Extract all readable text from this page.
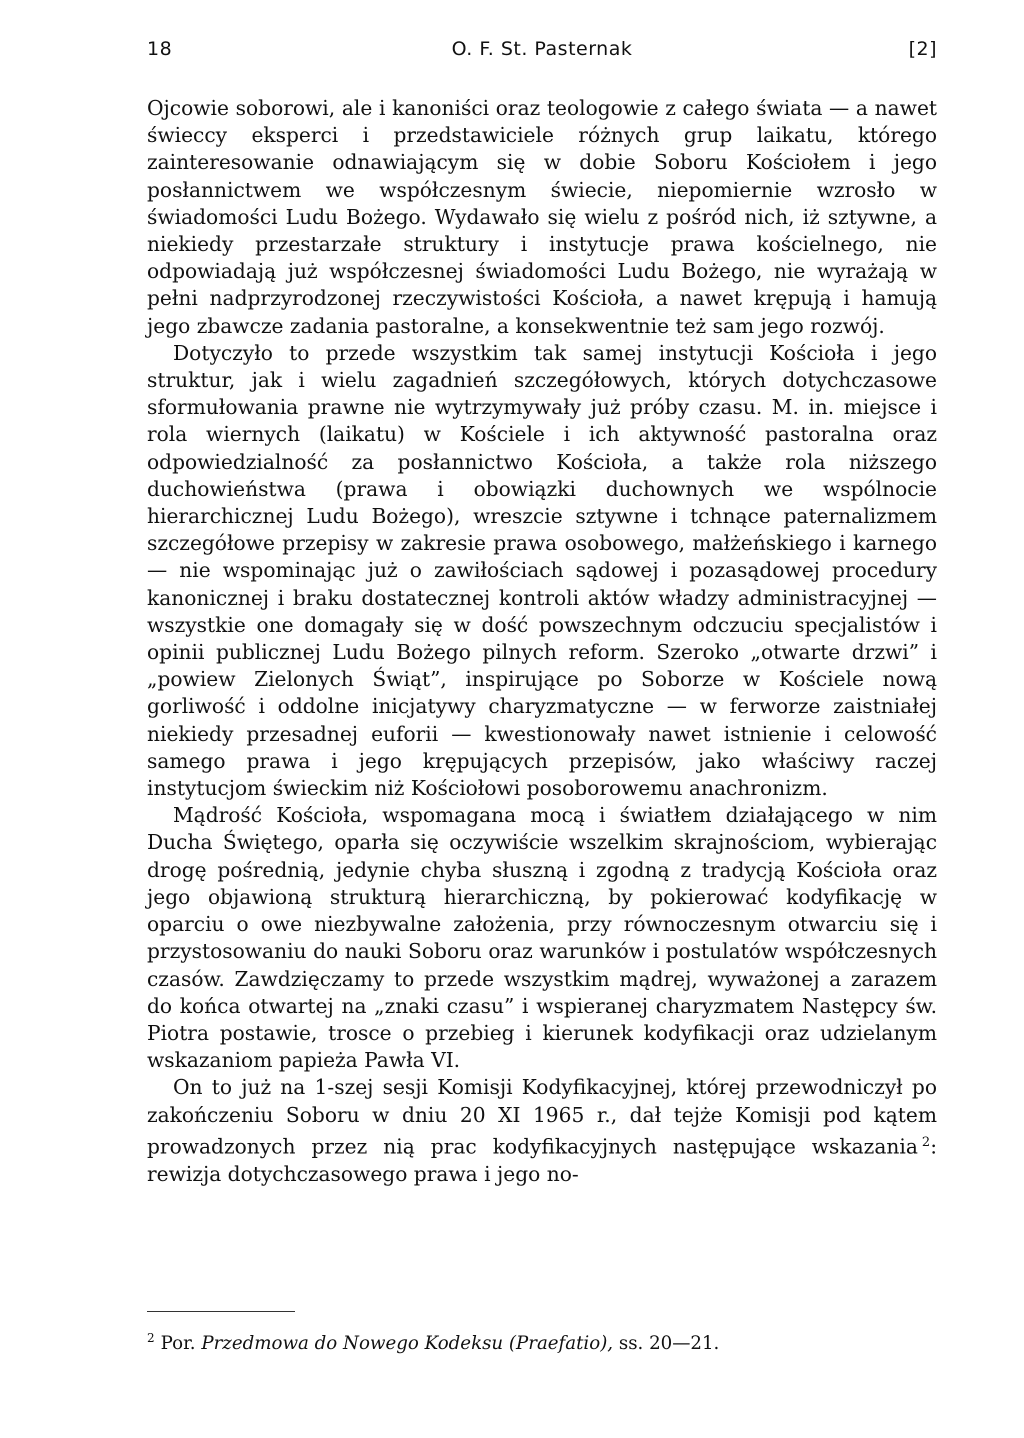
18	O. F. St. Pasternak	[2]

Ojcowie soborowi, ale i kanoniści oraz teologowie z całego świata — a nawet świeccy eksperci i przedstawiciele różnych grup laikatu, którego zainteresowanie odnawiającym się w dobie Soboru Kościołem i jego posłannictwem we współczesnym świecie, niepomiernie wzrosło w świadomości Ludu Bożego. Wydawało się wielu z pośród nich, iż sztywne, a niekiedy przestarzałe struktury i instytucje prawa kościelnego, nie odpowiadają już współczesnej świadomości Ludu Bożego, nie wyrażają w pełni nadprzyrodzonej rzeczywistości Kościoła, a nawet krępują i hamują jego zbawcze zadania pastoralne, a konsekwentnie też sam jego rozwój.

Dotyczyło to przede wszystkim tak samej instytucji Kościoła i jego struktur, jak i wielu zagadnień szczegółowych, których dotychczasowe sformułowania prawne nie wytrzymywały już próby czasu. M. in. miejsce i rola wiernych (laikatu) w Kościele i ich aktywność pastoralna oraz odpowiedzialność za posłannictwo Kościoła, a także rola niższego duchowieństwa (prawa i obowiązki duchownych we wspólnocie hierarchicznej Ludu Bożego), wreszcie sztywne i tchnące paternalizmem szczegółowe przepisy w zakresie prawa osobowego, małżeńskiego i karnego — nie wspominając już o zawiłościach sądowej i pozasądowej procedury kanonicznej i braku dostatecznej kontroli aktów władzy administracyjnej — wszystkie one domagały się w dość powszechnym odczuciu specjalistów i opinii publicznej Ludu Bożego pilnych reform. Szeroko „otwarte drzwi” i „powiew Zielonych Świąt”, inspirujące po Soborze w Kościele nową gorliwość i oddolne inicjatywy charyzmatyczne — w ferworze zaistniałej niekiedy przesadnej euforii — kwestionowały nawet istnienie i celowość samego prawa i jego krępujących przepisów, jako właściwy raczej instytucjom świeckim niż Kościołowi posoborowemu anachronizm.

Mądrość Kościoła, wspomagana mocą i światłem działającego w nim Ducha Świętego, oparła się oczywiście wszelkim skrajnościom, wybierając drogę pośrednią, jedynie chyba słuszną i zgodną z tradycją Kościoła oraz jego objawioną strukturą hierarchiczną, by pokierować kodyfikację w oparciu o owe niezbywalne założenia, przy równoczesnym otwarciu się i przystosowaniu do nauki Soboru oraz warunków i postulatów współczesnych czasów. Zawdzięczamy to przede wszystkim mądrej, wyważonej a zarazem do końca otwartej na „znaki czasu” i wspieranej charyzmatem Następcy św. Piotra postawie, trosce o przebieg i kierunek kodyfikacji oraz udzielanym wskazaniom papieża Pawła VI.

On to już na 1-szej sesji Komisji Kodyfikacyjnej, której przewodniczył po zakończeniu Soboru w dniu 20 XI 1965 r., dał tejże Komisji pod kątem prowadzonych przez nią prac kodyfikacyjnych następujące wskazania  $^2$: rewizja dotychczasowego prawa i jego no-

$^2$ Por. Przedmowa do Nowego Kodeksu (Praefatio), ss. 20—21.
